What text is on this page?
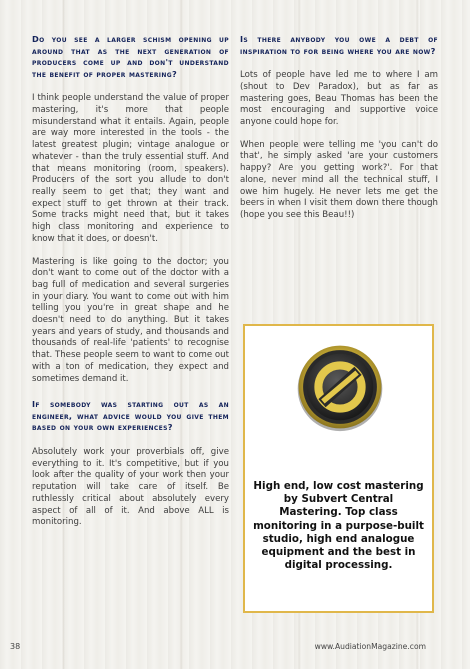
Do you see a larger schism opening up around that as the next generation of producers come up and don't understand the benefit of proper mastering?
I think people understand the value of proper mastering, it's more that people misunderstand what it entails. Again, people are way more interested in the tools - the latest greatest plugin; vintage analogue or whatever - than the truly essential stuff. And that means monitoring (room, speakers). Producers of the sort you allude to don't really seem to get that; they want and expect stuff to get thrown at their track. Some tracks might need that, but it takes high class monitoring and experience to know that it does, or doesn't.
Mastering is like going to the doctor; you don't want to come out of the doctor with a bag full of medication and several surgeries in your diary. You want to come out with him telling you you're in great shape and he doesn't need to do anything. But it takes years and years of study, and thousands and thousands of real-life 'patients' to recognise that. These people seem to want to come out with a ton of medication, they expect and sometimes demand it.
If somebody was starting out as an engineer, what advice would you give them based on your own experiences?
Absolutely work your proverbials off, give everything to it. It's competitive, but if you look after the quality of your work then your reputation will take care of itself. Be ruthlessly critical about absolutely every aspect of all of it. And above ALL is monitoring.
Is there anybody you owe a debt of inspiration to for being where you are now?
Lots of people have led me to where I am (shout to Dev Paradox), but as far as mastering goes, Beau Thomas has been the most encouraging and supportive voice anyone could hope for.
When people were telling me 'you can't do that', he simply asked 'are your customers happy? Are you getting work?'. For that alone, never mind all the technical stuff, I owe him hugely. He never lets me get the beers in when I visit them down there though (hope you see this Beau!!)
High end, low cost mastering by Subvert Central Mastering. Top class monitoring in a purpose-built studio, high end analogue equipment and the best in digital processing.
38	www.AudiationMagazine.com
